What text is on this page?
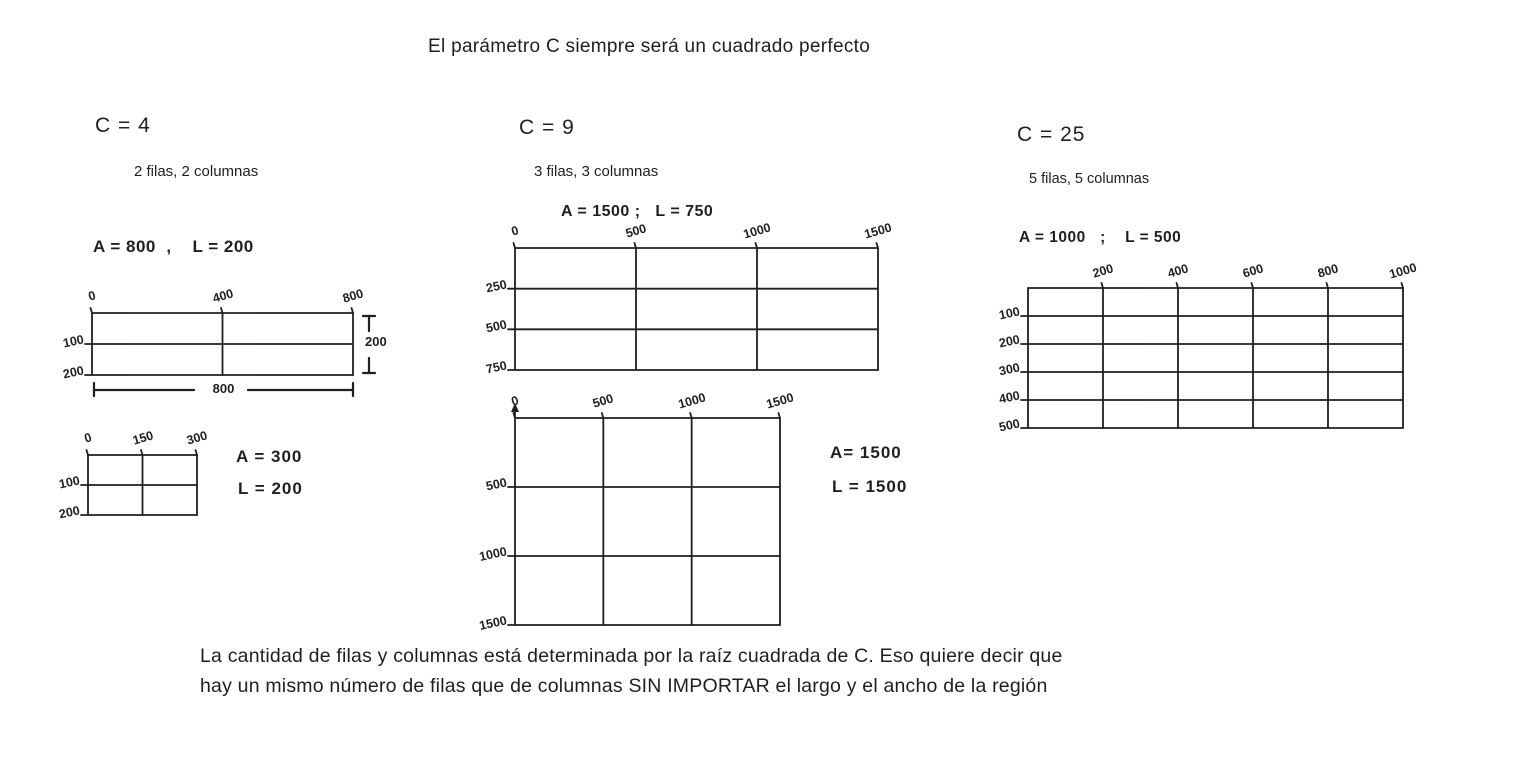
El parámetro C siempre será un cuadrado perfecto
C = 4
2 filas, 2 columnas
A = 800  ,    L = 200
0	400	800
100
200
800
200
0	150	300
100
200
A = 300
L = 200
C = 9
3 filas, 3 columnas
A = 1500 ;   L = 750
0	500	1000	1500
250
500
750
0	500	1000	1500
500
1000
1500
A= 1500
L = 1500
C = 25
5 filas, 5 columnas
A = 1000   ;    L = 500
200	400	600	800	1000
100
200
300
400
500
La cantidad de filas y columnas está determinada por la raíz cuadrada de C. Eso quiere decir que
hay un mismo número de filas que de columnas SIN IMPORTAR el largo y el ancho de la región
